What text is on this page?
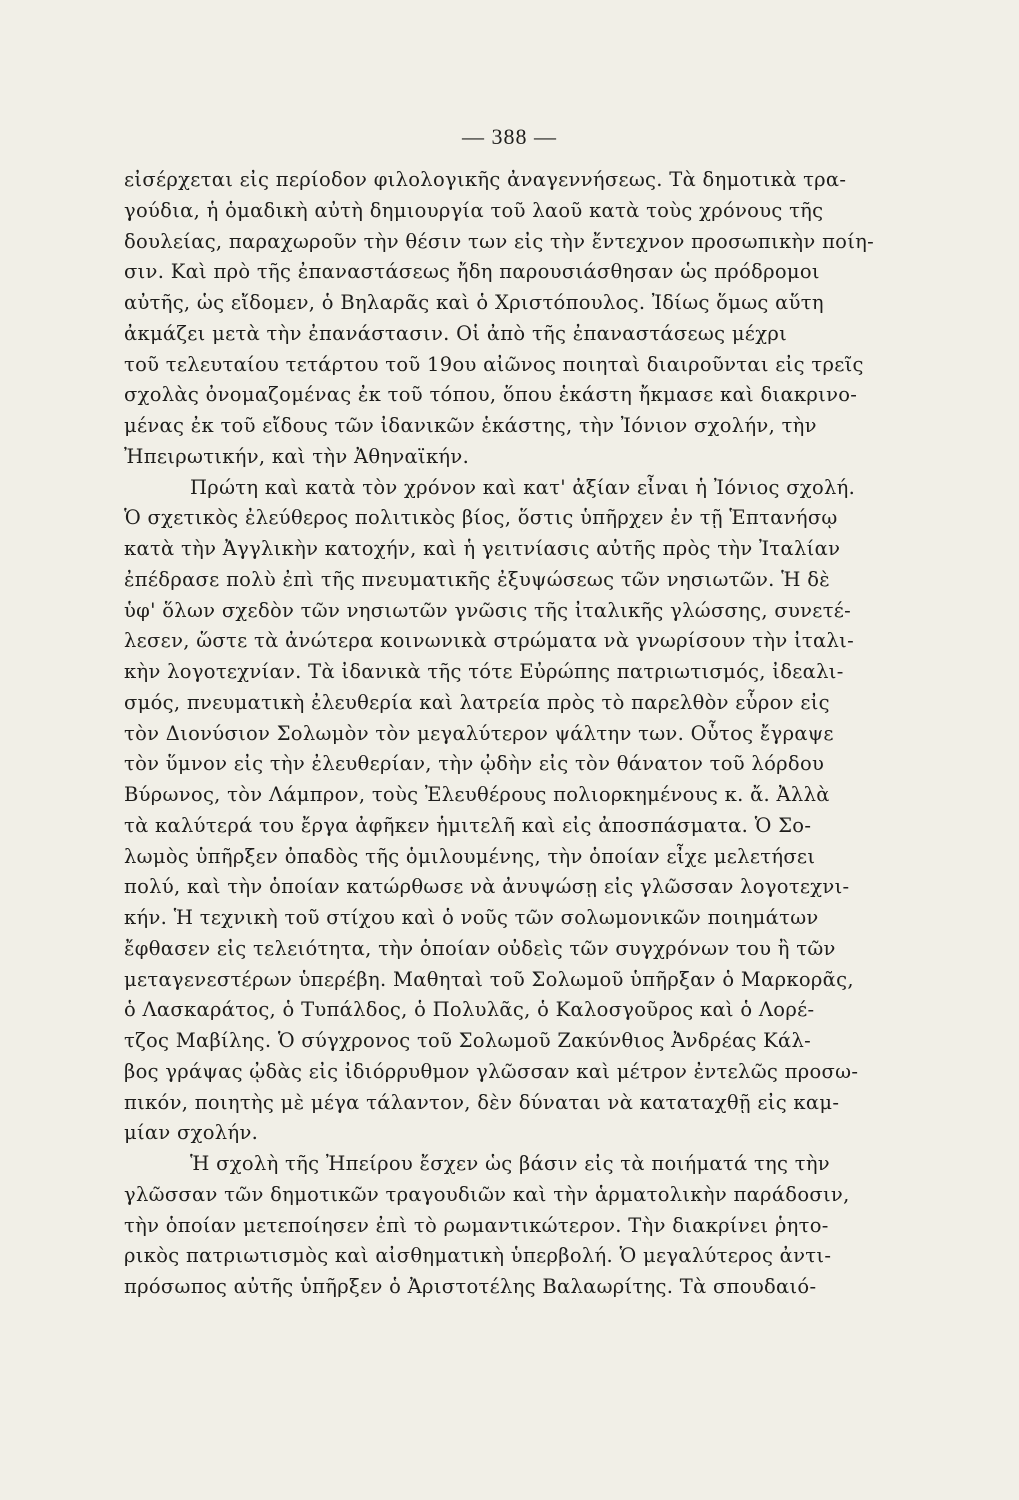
— 388 —
εἰσέρχεται εἰς περίοδον φιλολογικῆς ἀναγεννήσεως. Τὰ δημοτικὰ τρα-
γούδια, ἡ ὁμαδικὴ αὐτὴ δημιουργία τοῦ λαοῦ κατὰ τοὺς χρόνους τῆς
δουλείας, παραχωροῦν τὴν θέσιν των εἰς τὴν ἔντεχνον προσωπικὴν ποίη-
σιν. Καὶ πρὸ τῆς ἐπαναστάσεως ἤδη παρουσιάσθησαν ὡς πρόδρομοι
αὐτῆς, ὡς εἴδομεν, ὁ Βηλαρᾶς καὶ ὁ Χριστόπουλος. Ἰδίως ὅμως αὕτη
ἀκμάζει μετὰ τὴν ἐπανάστασιν. Οἱ ἀπὸ τῆς ἐπαναστάσεως μέχρι
τοῦ τελευταίου τετάρτου τοῦ 19ου αἰῶνος ποιηταὶ διαιροῦνται εἰς τρεῖς
σχολὰς ὀνομαζομένας ἐκ τοῦ τόπου, ὅπου ἑκάστη ἤκμασε καὶ διακρινο-
μένας ἐκ τοῦ εἴδους τῶν ἰδανικῶν ἑκάστης, τὴν Ἰόνιον σχολήν, τὴν
Ἠπειρωτικήν, καὶ τὴν Ἀθηναϊκήν.
Πρώτη καὶ κατὰ τὸν χρόνον καὶ κατ' ἀξίαν εἶναι ἡ Ἰόνιος σχολή.
Ὁ σχετικὸς ἐλεύθερος πολιτικὸς βίος, ὅστις ὑπῆρχεν ἐν τῇ Ἑπτανήσῳ
κατὰ τὴν Ἀγγλικὴν κατοχήν, καὶ ἡ γειτνίασις αὐτῆς πρὸς τὴν Ἰταλίαν
ἐπέδρασε πολὺ ἐπὶ τῆς πνευματικῆς ἐξυψώσεως τῶν νησιωτῶν. Ἡ δὲ
ὑφ' ὅλων σχεδὸν τῶν νησιωτῶν γνῶσις τῆς ἰταλικῆς γλώσσης, συνετέ-
λεσεν, ὥστε τὰ ἀνώτερα κοινωνικὰ στρώματα νὰ γνωρίσουν τὴν ἰταλι-
κὴν λογοτεχνίαν. Τὰ ἰδανικὰ τῆς τότε Εὐρώπης πατριωτισμός, ἰδεαλι-
σμός, πνευματικὴ ἐλευθερία καὶ λατρεία πρὸς τὸ παρελθὸν εὗρον εἰς
τὸν Διονύσιον Σολωμὸν τὸν μεγαλύτερον ψάλτην των. Οὗτος ἔγραψε
τὸν ὕμνον εἰς τὴν ἐλευθερίαν, τὴν ᾠδὴν εἰς τὸν θάνατον τοῦ λόρδου
Βύρωνος, τὸν Λάμπρον, τοὺς Ἐλευθέρους πολιορκημένους κ. ἄ. Ἀλλὰ
τὰ καλύτερά του ἔργα ἀφῆκεν ἡμιτελῆ καὶ εἰς ἀποσπάσματα. Ὁ Σο-
λωμὸς ὑπῆρξεν ὀπαδὸς τῆς ὁμιλουμένης, τὴν ὁποίαν εἶχε μελετήσει
πολύ, καὶ τὴν ὁποίαν κατώρθωσε νὰ ἀνυψώσῃ εἰς γλῶσσαν λογοτεχνι-
κήν. Ἡ τεχνικὴ τοῦ στίχου καὶ ὁ νοῦς τῶν σολωμονικῶν ποιημάτων
ἔφθασεν εἰς τελειότητα, τὴν ὁποίαν οὐδεὶς τῶν συγχρόνων του ἢ τῶν
μεταγενεστέρων ὑπερέβη. Μαθηταὶ τοῦ Σολωμοῦ ὑπῆρξαν ὁ Μαρκορᾶς,
ὁ Λασκαράτος, ὁ Τυπάλδος, ὁ Πολυλᾶς, ὁ Καλοσγοῦρος καὶ ὁ Λορέ-
τζος Μαβίλης. Ὁ σύγχρονος τοῦ Σολωμοῦ Ζακύνθιος Ἀνδρέας Κάλ-
βος γράψας ᾠδὰς εἰς ἰδιόρρυθμον γλῶσσαν καὶ μέτρον ἐντελῶς προσω-
πικόν, ποιητὴς μὲ μέγα τάλαντον, δὲν δύναται νὰ καταταχθῇ εἰς καμ-
μίαν σχολήν.
Ἡ σχολὴ τῆς Ἠπείρου ἔσχεν ὡς βάσιν εἰς τὰ ποιήματά της τὴν
γλῶσσαν τῶν δημοτικῶν τραγουδιῶν καὶ τὴν ἁρματολικὴν παράδοσιν,
τὴν ὁποίαν μετεποίησεν ἐπὶ τὸ ρωμαντικώτερον. Τὴν διακρίνει ῥητο-
ρικὸς πατριωτισμὸς καὶ αἰσθηματικὴ ὑπερβολή. Ὁ μεγαλύτερος ἀντι-
πρόσωπος αὐτῆς ὑπῆρξεν ὁ Ἀριστοτέλης Βαλαωρίτης. Τὰ σπουδαιό-
